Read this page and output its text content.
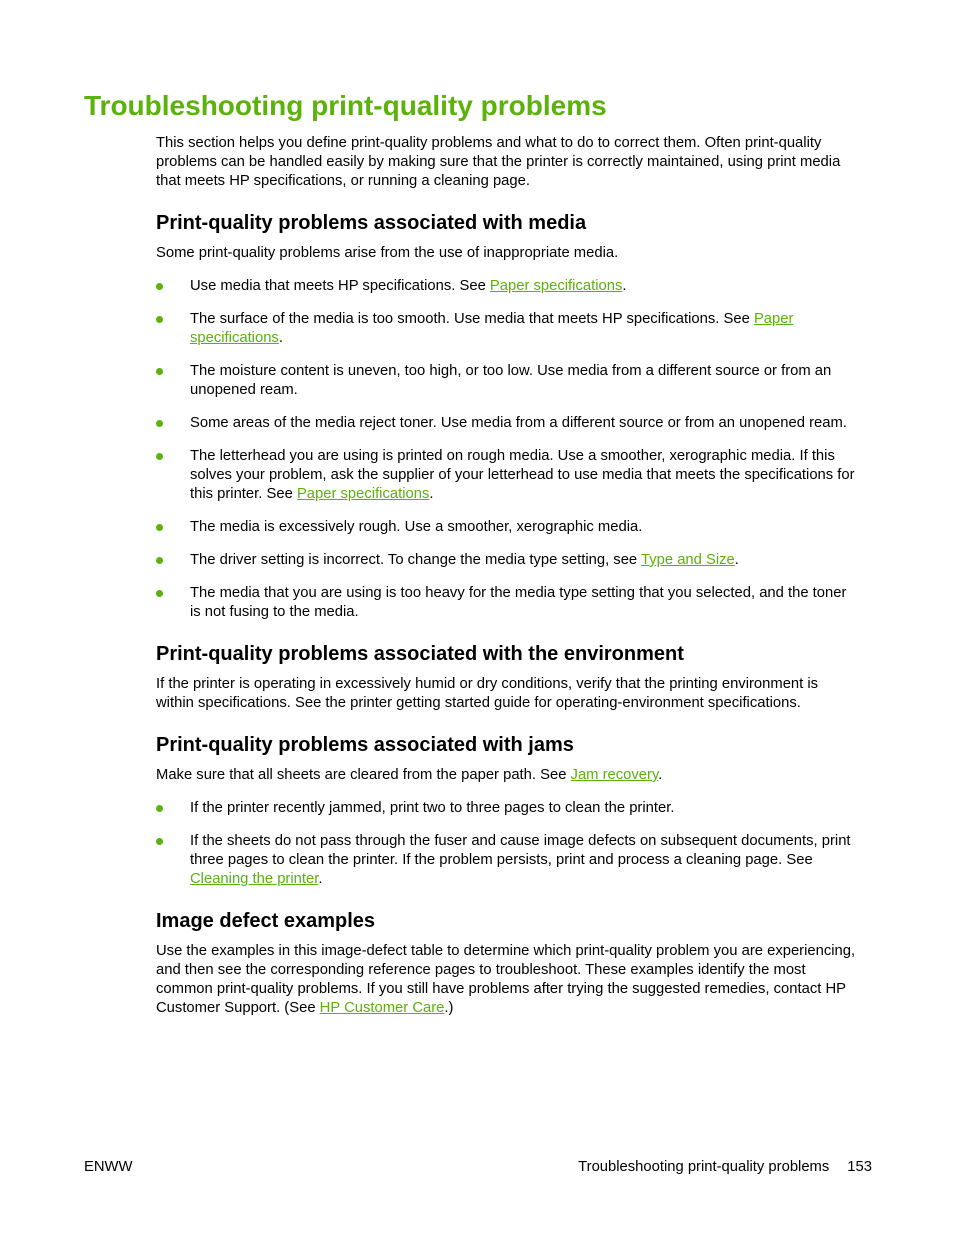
Troubleshooting print-quality problems

This section helps you define print-quality problems and what to do to correct them. Often print-quality problems can be handled easily by making sure that the printer is correctly maintained, using print media that meets HP specifications, or running a cleaning page.

Print-quality problems associated with media

Some print-quality problems arise from the use of inappropriate media.

Use media that meets HP specifications. See Paper specifications.
The surface of the media is too smooth. Use media that meets HP specifications. See Paper specifications.
The moisture content is uneven, too high, or too low. Use media from a different source or from an unopened ream.
Some areas of the media reject toner. Use media from a different source or from an unopened ream.
The letterhead you are using is printed on rough media. Use a smoother, xerographic media. If this solves your problem, ask the supplier of your letterhead to use media that meets the specifications for this printer. See Paper specifications.
The media is excessively rough. Use a smoother, xerographic media.
The driver setting is incorrect. To change the media type setting, see Type and Size.
The media that you are using is too heavy for the media type setting that you selected, and the toner is not fusing to the media.
Print-quality problems associated with the environment

If the printer is operating in excessively humid or dry conditions, verify that the printing environment is within specifications. See the printer getting started guide for operating-environment specifications.

Print-quality problems associated with jams

Make sure that all sheets are cleared from the paper path. See Jam recovery.

If the printer recently jammed, print two to three pages to clean the printer.
If the sheets do not pass through the fuser and cause image defects on subsequent documents, print three pages to clean the printer. If the problem persists, print and process a cleaning page. See Cleaning the printer.
Image defect examples

Use the examples in this image-defect table to determine which print-quality problem you are experiencing, and then see the corresponding reference pages to troubleshoot. These examples identify the most common print-quality problems. If you still have problems after trying the suggested remedies, contact HP Customer Support. (See HP Customer Care.)

ENWW	Troubleshooting print-quality problems 153
